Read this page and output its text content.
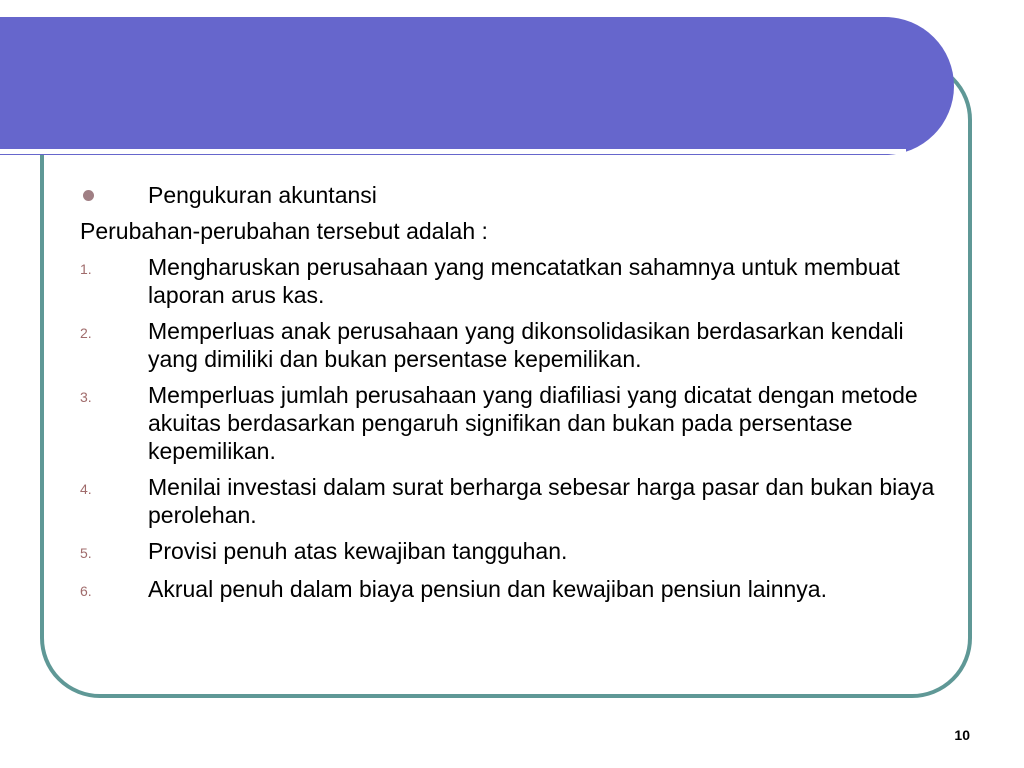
Pengukuran akuntansi
Perubahan-perubahan tersebut adalah :
1.	Mengharuskan perusahaan yang mencatatkan sahamnya untuk membuat laporan arus kas.
2.	Memperluas anak perusahaan yang dikonsolidasikan berdasarkan kendali yang dimiliki dan bukan persentase kepemilikan.
3.	Memperluas jumlah perusahaan yang diafiliasi yang dicatat dengan metode akuitas berdasarkan pengaruh signifikan dan bukan pada persentase kepemilikan.
4.	Menilai investasi dalam surat berharga sebesar harga pasar dan bukan biaya perolehan.
5.	Provisi penuh atas kewajiban tangguhan.
6.	Akrual penuh dalam biaya pensiun dan kewajiban pensiun lainnya.
10
